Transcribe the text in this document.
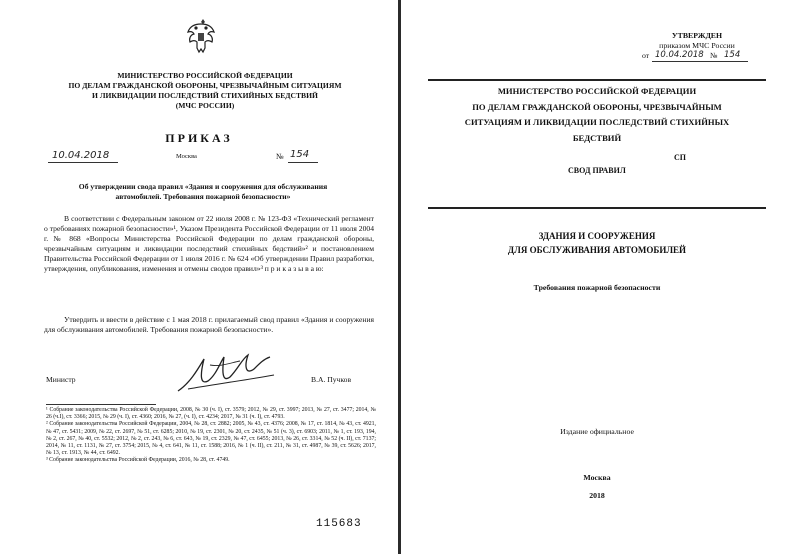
МИНИСТЕРСТВО РОССИЙСКОЙ ФЕДЕРАЦИИ
ПО ДЕЛАМ ГРАЖДАНСКОЙ ОБОРОНЫ, ЧРЕЗВЫЧАЙНЫМ СИТУАЦИЯМ
И ЛИКВИДАЦИИ ПОСЛЕДСТВИЙ СТИХИЙНЫХ БЕДСТВИЙ
(МЧС РОССИИ)
ПРИКАЗ
10.04.2018	Москва	№ 154
Об утверждении свода правил «Здания и сооружения для обслуживания
автомобилей. Требования пожарной безопасности»

В соответствии с Федеральным законом от 22 июля 2008 г. № 123-ФЗ «Технический регламент о требованиях пожарной безопасности»¹, Указом Президента Российской Федерации от 11 июля 2004 г. № 868 «Вопросы Министерства Российской Федерации по делам гражданской обороны, чрезвычайным ситуациям и ликвидации последствий стихийных бедствий»² и постановлением Правительства Российской Федерации от 1 июля 2016 г. № 624 «Об утверждении Правил разработки, утверждения, опубликования, изменения и отмены сводов правил»³ п р и к а з ы в а ю:

Утвердить и ввести в действие с 1 мая 2018 г. прилагаемый свод правил «Здания и сооружения для обслуживания автомобилей. Требования пожарной безопасности».

Министр	В.А. Пучков

¹ Собрание законодательства Российской Федерации, 2008, № 30 (ч. I), ст. 3579; 2012, № 29, ст. 3997; 2013, № 27, ст. 3477; 2014, № 26 (ч.I), ст. 3366; 2015, № 29 (ч. I), ст. 4360; 2016, № 27, (ч. I), ст. 4234; 2017, № 31 (ч. I), ст. 4793.

² Собрание законодательства Российской Федерации, 2004, № 28, ст. 2882; 2005, № 43, ст. 4376; 2008, № 17, ст. 1814, № 43, ст. 4921, № 47, ст. 5431; 2009, № 22, ст. 2697, № 51, ст. 6285; 2010, № 19, ст. 2301, № 20, ст. 2435, № 51 (ч. 3), ст. 6903; 2011, № 1, ст. 193, 194, № 2, ст. 267, № 40, ст. 5532; 2012, № 2, ст. 243, № 6, ст. 643, № 19, ст. 2329, № 47, ст. 6455; 2013, № 26, ст. 3314, № 52 (ч. II), ст. 7137; 2014, № 11, ст. 1131, № 27, ст. 3754; 2015, № 4, ст. 641, № 11, ст. 1588; 2016, № 1 (ч. II), ст. 211, № 31, ст. 4987, № 39, ст. 5626; 2017, № 13, ст. 1913, № 44, ст. 6492.

³ Собрание законодательства Российской Федерации, 2016, № 28, ст. 4749.

115683
УТВЕРЖДЕН
приказом МЧС России
от 10.04.2018 № 154
МИНИСТЕРСТВО РОССИЙСКОЙ ФЕДЕРАЦИИ
ПО ДЕЛАМ ГРАЖДАНСКОЙ ОБОРОНЫ, ЧРЕЗВЫЧАЙНЫМ
СИТУАЦИЯМ И ЛИКВИДАЦИИ ПОСЛЕДСТВИЙ СТИХИЙНЫХ
БЕДСТВИЙ
СП
СВОД ПРАВИЛ
ЗДАНИЯ И СООРУЖЕНИЯ
ДЛЯ ОБСЛУЖИВАНИЯ АВТОМОБИЛЕЙ
Требования пожарной безопасности
Издание официальное
Москва
2018
